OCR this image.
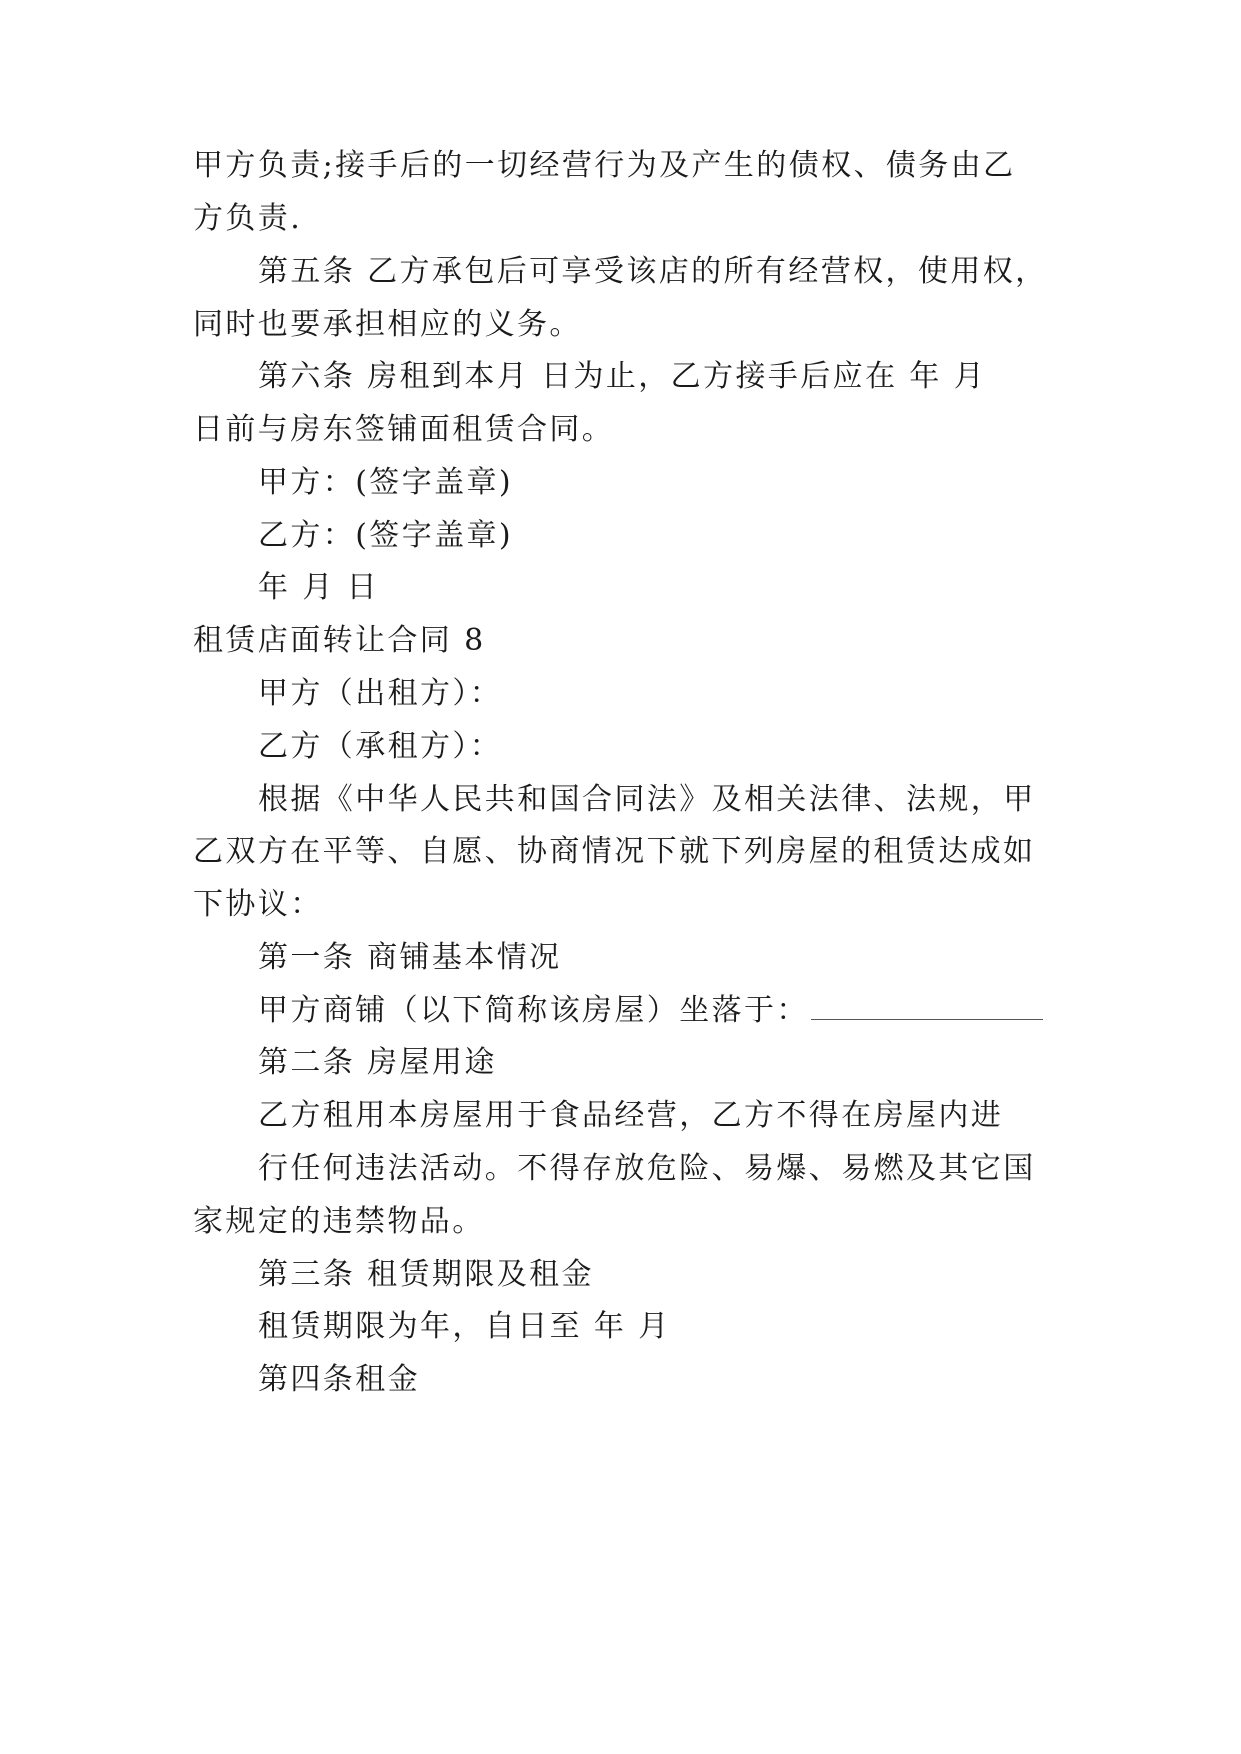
甲方负责;接手后的一切经营行为及产生的债权、债务由乙
方负责.
第五条 乙方承包后可享受该店的所有经营权，使用权，
同时也要承担相应的义务。
第六条 房租到本月 日为止，乙方接手后应在 年 月
日前与房东签铺面租赁合同。
甲方：(签字盖章)
乙方：(签字盖章)
年 月 日
租赁店面转让合同 8
甲方（出租方）：
乙方（承租方）：
根据《中华人民共和国合同法》及相关法律、法规，甲
乙双方在平等、自愿、协商情况下就下列房屋的租赁达成如
下协议：
第一条 商铺基本情况
甲方商铺（以下简称该房屋）坐落于：
第二条 房屋用途
乙方租用本房屋用于食品经营，乙方不得在房屋内进
行任何违法活动。不得存放危险、易爆、易燃及其它国
家规定的违禁物品。
第三条 租赁期限及租金
租赁期限为年，自日至 年 月
第四条租金
